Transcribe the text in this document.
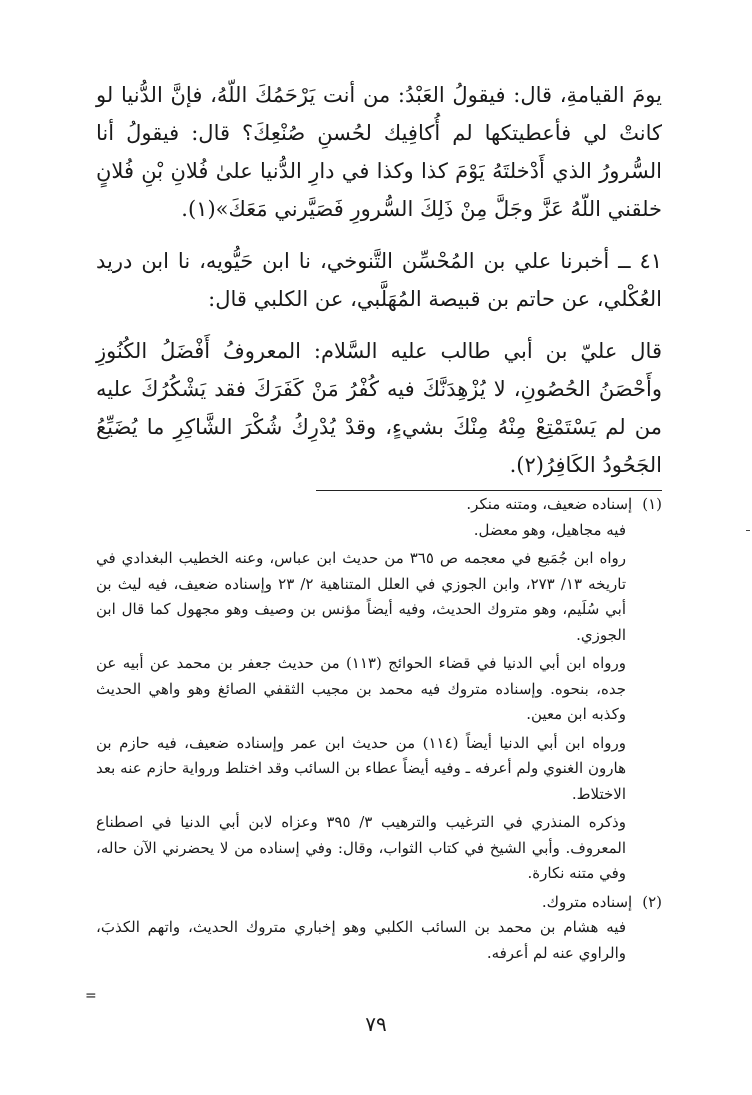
يومَ القيامةِ، قال: فيقولُ العَبْدُ: من أنت يَرْحَمُكَ اللّهُ، فإنَّ الدُّنيا لو كانتْ لي فأعطيتكها لم أُكافِيك لحُسنِ صُنْعِكَ؟ قال: فيقولُ أنا السُّرورُ الذي أَدْخلتَهُ يَوْمَ كذا وكذا في دارِ الدُّنيا علىٰ فُلانِ بْنِ فُلانٍ خلقني اللّهُ عَزَّ وجَلَّ مِنْ ذَلِكَ السُّرورِ فَصَيَّرني مَعَكَ»(١).

٤١ ــ أخبرنا علي بن المُحْسِّن التَّنوخي، نا ابن حَيُّويه، نا ابن دريد العُكْلي، عن حاتم بن قبيصة المُهَلَّبي، عن الكلبي قال:

قال عليّ بن أبي طالب عليه السَّلام: المعروفُ أَفْضَلُ الكُنُوزِ وأَحْصَنُ الحُصُونِ، لا يُزْهِدَنَّكَ فيه كُفْرُ مَنْ كَفَرَكَ فقد يَشْكُرُكَ عليه من لم يَسْتَمْتِعْ مِنْهُ مِنْكَ بشيءٍ، وقدْ يُدْرِكُ شُكْرَ الشَّاكِرِ ما يُضَيِّعُ الجَحُودُ الكَافِرُ(٢).

(١)إسناده ضعيف، ومتنه منكر.

فيه مجاهيل، وهو معضل.

رواه ابن جُمَيع في معجمه ص ٣٦٥ من حديث ابن عباس، وعنه الخطيب البغدادي في تاريخه ١٣/ ٢٧٣، وابن الجوزي في العلل المتناهية ٢/ ٢٣ وإسناده ضعيف، فيه ليث بن أبي سُلَيم، وهو متروك الحديث، وفيه أيضاً مؤنس بن وصيف وهو مجهول كما قال ابن الجوزي.

ورواه ابن أبي الدنيا في قضاء الحوائج (١١٣) من حديث جعفر بن محمد عن أبيه عن جده، بنحوه. وإسناده متروك فيه محمد بن مجيب الثقفي الصائغ وهو واهي الحديث وكذبه ابن معين.

ورواه ابن أبي الدنيا أيضاً (١١٤) من حديث ابن عمر وإسناده ضعيف، فيه حازم بن هارون الغنوي ولم أعرفه ـ وفيه أيضاً عطاء بن السائب وقد اختلط ورواية حازم عنه بعد الاختلاط.

وذكره المنذري في الترغيب والترهيب ٣/ ٣٩٥ وعزاه لابن أبي الدنيا في اصطناع المعروف. وأبي الشيخ في كتاب الثواب، وقال: وفي إسناده من لا يحضرني الآن حاله، وفي متنه نكارة.

(٢)إسناده متروك.

فيه هشام بن محمد بن السائب الكلبي وهو إخباري متروك الحديث، واتهم الكذبَ، والراوي عنه لم أعرفه.

=
٧٩
